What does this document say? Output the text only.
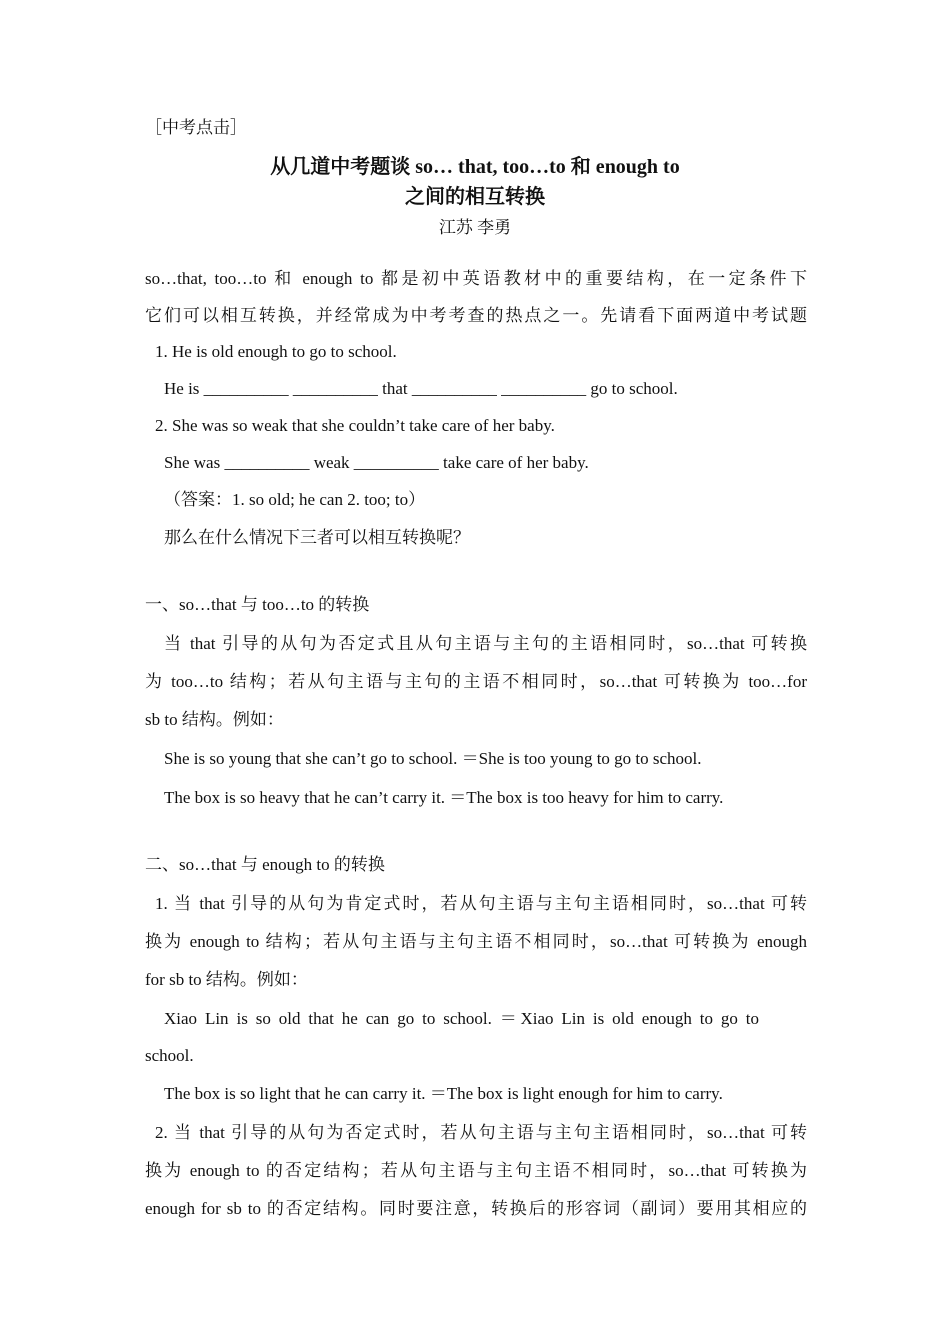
［中考点击］
从几道中考题谈 so… that, too…to 和 enough to
之间的相互转换
江苏 李勇
so…that, too…to 和 enough to 都是初中英语教材中的重要结构，在一定条件下
它们可以相互转换，并经常成为中考考查的热点之一。先请看下面两道中考试题
1. He is old enough to go to school.
He is __________ __________ that __________ __________ go to school.
2. She was so weak that she couldn’t take care of her baby.
She was __________ weak __________ take care of her baby.
（答案：1. so old; he can 2. too; to）
那么在什么情况下三者可以相互转换呢？
一、so…that 与 too…to 的转换
当 that 引导的从句为否定式且从句主语与主句的主语相同时，so…that 可转换
为 too…to 结构；若从句主语与主句的主语不相同时，so…that 可转换为 too…for
sb to 结构。例如：
She is so young that she can’t go to school. ＝She is too young to go to school.
The box is so heavy that he can’t carry it. ＝The box is too heavy for him to carry.
二、so…that 与 enough to 的转换
1. 当 that 引导的从句为肯定式时，若从句主语与主句主语相同时，so…that 可转
换为 enough to 结构；若从句主语与主句主语不相同时，so…that 可转换为 enough
for sb to 结构。例如：
Xiao Lin is so old that he can go to school. ＝Xiao Lin is old enough to go to
school.
The box is so light that he can carry it. ＝The box is light enough for him to carry.
2. 当 that 引导的从句为否定式时，若从句主语与主句主语相同时，so…that 可转
换为 enough to 的否定结构；若从句主语与主句主语不相同时，so…that 可转换为
enough for sb to 的否定结构。同时要注意，转换后的形容词（副词）要用其相应的
